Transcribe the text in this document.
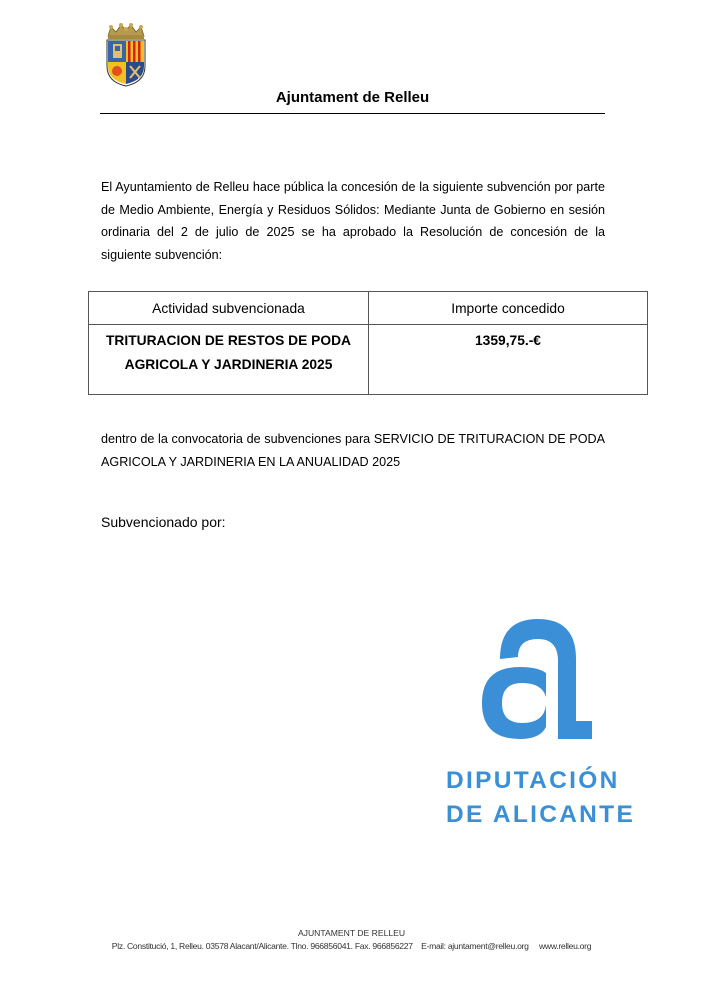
Ajuntament de Relleu
El Ayuntamiento de Relleu hace pública la concesión de la siguiente subvención por parte de Medio Ambiente, Energía y Residuos Sólidos: Mediante Junta de Gobierno en sesión ordinaria del 2 de julio de 2025 se ha aprobado la Resolución de concesión de la siguiente subvención:
Actividad subvencionada	Importe concedido
TRITURACION DE RESTOS DE PODA AGRICOLA Y JARDINERIA 2025	1359,75.-€
dentro de la convocatoria de subvenciones para SERVICIO DE TRITURACION DE PODA AGRICOLA Y JARDINERIA EN LA ANUALIDAD 2025
Subvencionado por:
DIPUTACIÓN
DE ALICANTE
AJUNTAMENT DE RELLEU
Plz. Constitució, 1, Relleu. 03578 Alacant/Alicante. Tlno. 966856041. Fax. 966856227    E-mail: ajuntament@relleu.org     www.relleu.org
